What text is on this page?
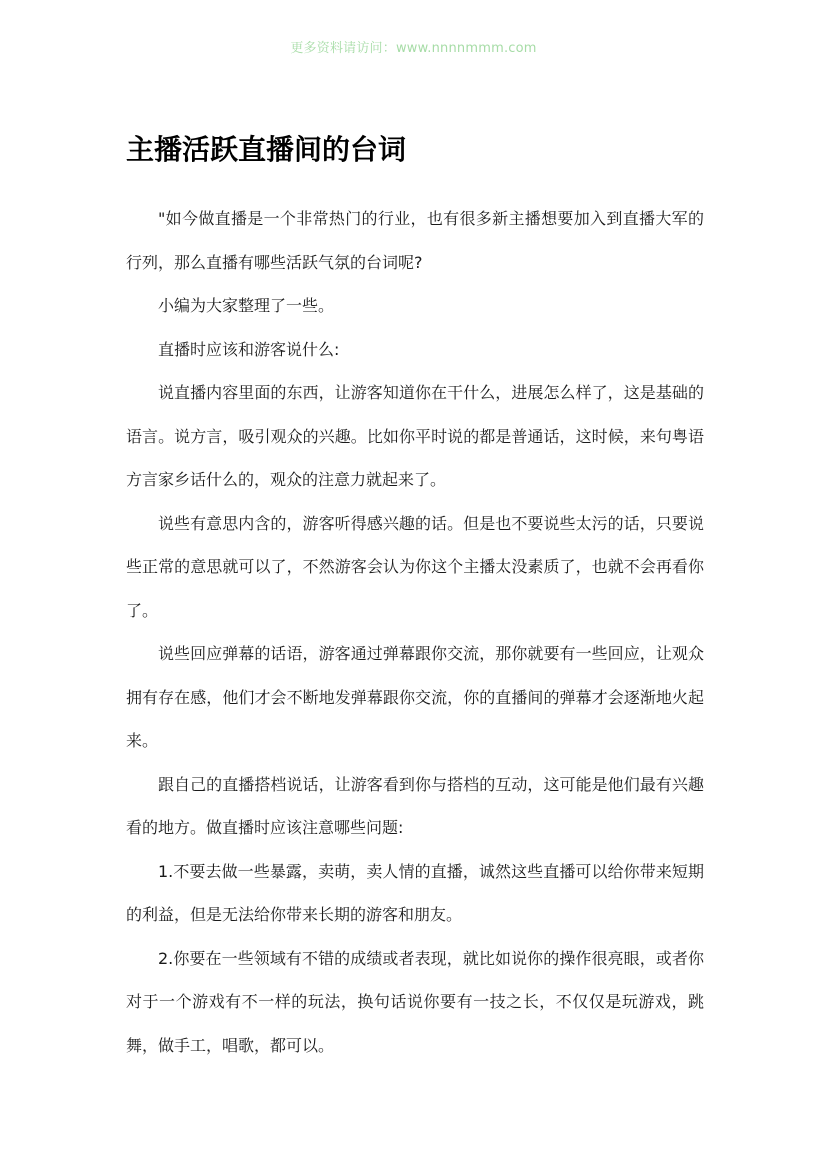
更多资料请访问：www.nnnnmmm.com
主播活跃直播间的台词

"如今做直播是一个非常热门的行业，也有很多新主播想要加入到直播大军的行列，那么直播有哪些活跃气氛的台词呢?

小编为大家整理了一些。

直播时应该和游客说什么:

说直播内容里面的东西，让游客知道你在干什么，进展怎么样了，这是基础的语言。说方言，吸引观众的兴趣。比如你平时说的都是普通话，这时候，来句粤语方言家乡话什么的，观众的注意力就起来了。

说些有意思内含的，游客听得感兴趣的话。但是也不要说些太污的话，只要说些正常的意思就可以了，不然游客会认为你这个主播太没素质了，也就不会再看你了。

说些回应弹幕的话语，游客通过弹幕跟你交流，那你就要有一些回应，让观众拥有存在感，他们才会不断地发弹幕跟你交流，你的直播间的弹幕才会逐渐地火起来。

跟自己的直播搭档说话，让游客看到你与搭档的互动，这可能是他们最有兴趣看的地方。做直播时应该注意哪些问题:

1.不要去做一些暴露，卖萌，卖人情的直播，诚然这些直播可以给你带来短期的利益，但是无法给你带来长期的游客和朋友。

2.你要在一些领域有不错的成绩或者表现，就比如说你的操作很亮眼，或者你对于一个游戏有不一样的玩法，换句话说你要有一技之长，不仅仅是玩游戏，跳舞，做手工，唱歌，都可以。
